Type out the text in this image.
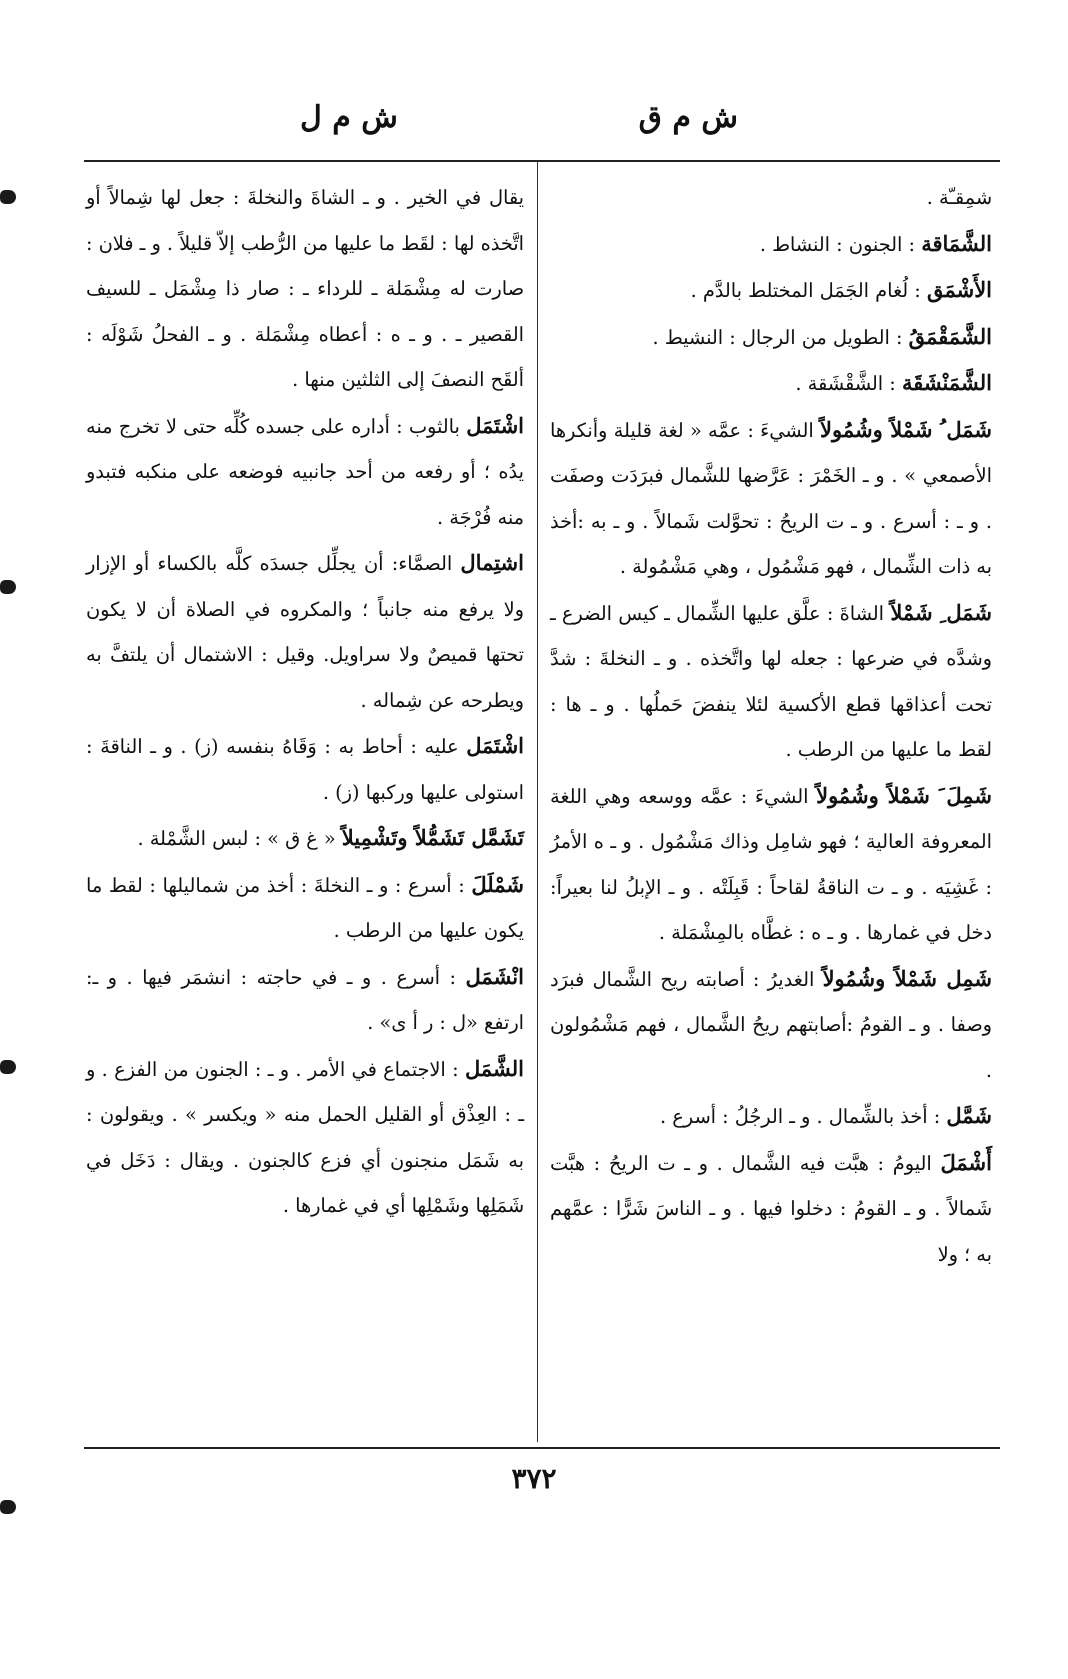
ش م ق
ش م ل

شمِقـّة .

الشَّمَاقة : الجنون : النشاط .

الأَشْمَق : لُغام الجَمَل المختلط بالدَّم .

الشَّمَقْمَقُ : الطويل من الرجال : النشيط .

الشَّمَنْشَقَة : الشَّقْشَقة .

شَمَل ُ شَمْلاً وشُمُولاً الشيءَ : عمَّه « لغة قليلة وأنكرها الأصمعي » . و ـ الخَمْرَ : عَرَّضها للشَّمال فبرَدَت وصفَت . و ـ : أسرع . و ـ ت الريحُ : تحوَّلت شَمالاً . و ـ به :أخذ به ذات الشِّمال ، فهو مَشْمُول ، وهي مَشْمُولة .

شَمَل ِ شَمْلاً الشاةَ : علَّق عليها الشِّمال ـ كيس الضرع ـ وشدَّه في ضرعها : جعله لها واتَّخذه . و ـ النخلةَ : شدَّ تحت أعذاقها قطع الأكسية لئلا ينفضَ حَملُها . و ـ ها : لقط ما عليها من الرطب .

شَمِلَ َ شَمْلاً وشُمُولاً الشيءَ : عمَّه ووسعه وهي اللغة المعروفة العالية ؛ فهو شامِل وذاك مَشْمُول . و ـ ه الأمرُ : غَشِيَه . و ـ ت الناقةُ لقاحاً : قَبِلَتْه . و ـ الإبلُ لنا بعيراً: دخل في غمارها . و ـ ه : غطَّاه بالمِشْمَلة .

شَمِل شَمْلاً وشُمُولاً الغديرُ : أصابته ريح الشَّمال فبرَد وصفا . و ـ القومُ :أصابتهم ريحُ الشَّمال ، فهم مَشْمُولون .

شَمَّل : أخذ بالشِّمال . و ـ الرجُلُ : أسرع .

أَشْمَلَ اليومُ : هبَّت فيه الشَّمال . و ـ ت الريحُ : هبَّت شَمالاً . و ـ القومُ : دخلوا فيها . و ـ الناسَ شَرًّا : عمَّهم به ؛ ولا

يقال في الخير . و ـ الشاةَ والنخلةَ : جعل لها شِمالاً أو اتَّخذه لها : لقَط ما عليها من الرُّطب إلاّ قليلاً . و ـ فلان : صارت له مِشْمَلة ـ للرداء ـ : صار ذا مِشْمَل ـ للسيف القصير ـ . و ـ ه : أعطاه مِشْمَلة . و ـ الفحلُ شَوْلَه : ألقَح النصفَ إلى الثلثين منها .

اشْتَمَل بالثوب : أداره على جسده كُلِّه حتى لا تخرج منه يدُه ؛ أو رفعه من أحد جانبيه فوضعه على منكبه فتبدو منه فُرْجَة .

اشتِمال الصمَّاء: أن يجلِّل جسدَه كلَّه بالكساء أو الإزار ولا يرفع منه جانباً ؛ والمكروه في الصلاة أن لا يكون تحتها قميصٌ ولا سراويل. وقيل : الاشتمال أن يلتفَّ به ويطرحه عن شِماله .

اشْتَمَل عليه : أحاط به : وَقَاهُ بنفسه (ز) . و ـ الناقةَ : استولى عليها وركبها (ز) .

تَشَمَّل تَشَمُّلاً وتَشْمِيلاً « غ ق » : لبس الشَّمْلة .

شَمْلَلَ : أسرع : و ـ النخلةَ : أخذ من شماليلها : لقط ما يكون عليها من الرطب .

انْشَمَل : أسرع . و ـ في حاجته : انشمَر فيها . و ـ: ارتفع «ل : ر أ ى» .

الشَّمَل : الاجتماع في الأمر . و ـ : الجنون من الفزع . و ـ : العِذْق أو القليل الحمل منه « ويكسر » . ويقولون : به شَمَل منجنون أي فزع كالجنون . ويقال : دَخَل في شَمَلِها وشَمْلِها أي في غمارها .

٣٧٢
